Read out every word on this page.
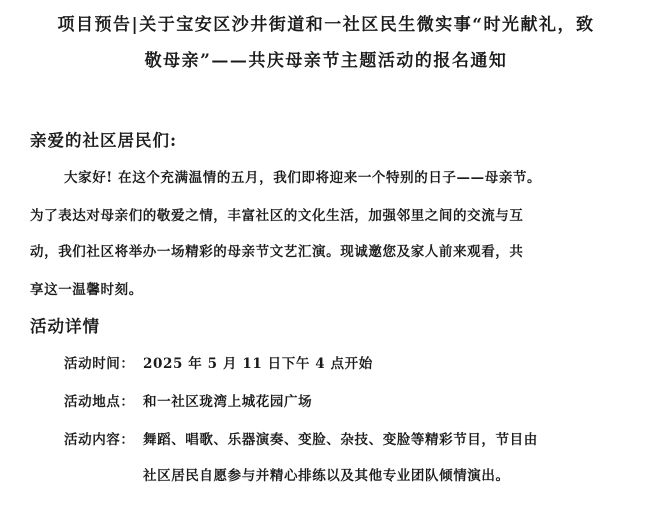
项目预告|关于宝安区沙井街道和一社区民生微实事“时光献礼，致
敬母亲”——共庆母亲节主题活动的报名通知
亲爱的社区居民们:
大家好! 在这个充满温情的五月，我们即将迎来一个特别的日子——母亲节。
为了表达对母亲们的敬爱之情，丰富社区的文化生活，加强邻里之间的交流与互
动，我们社区将举办一场精彩的母亲节文艺汇演。现诚邀您及家人前来观看，共
享这一温馨时刻。
活动详情
活动时间： 2025 年 5 月 11 日下午 4 点开始
活动地点： 和一社区珑湾上城花园广场
活动内容： 舞蹈、唱歌、乐器演奏、变脸、杂技、变脸等精彩节目，节目由
社区居民自愿参与并精心排练以及其他专业团队倾情演出。
